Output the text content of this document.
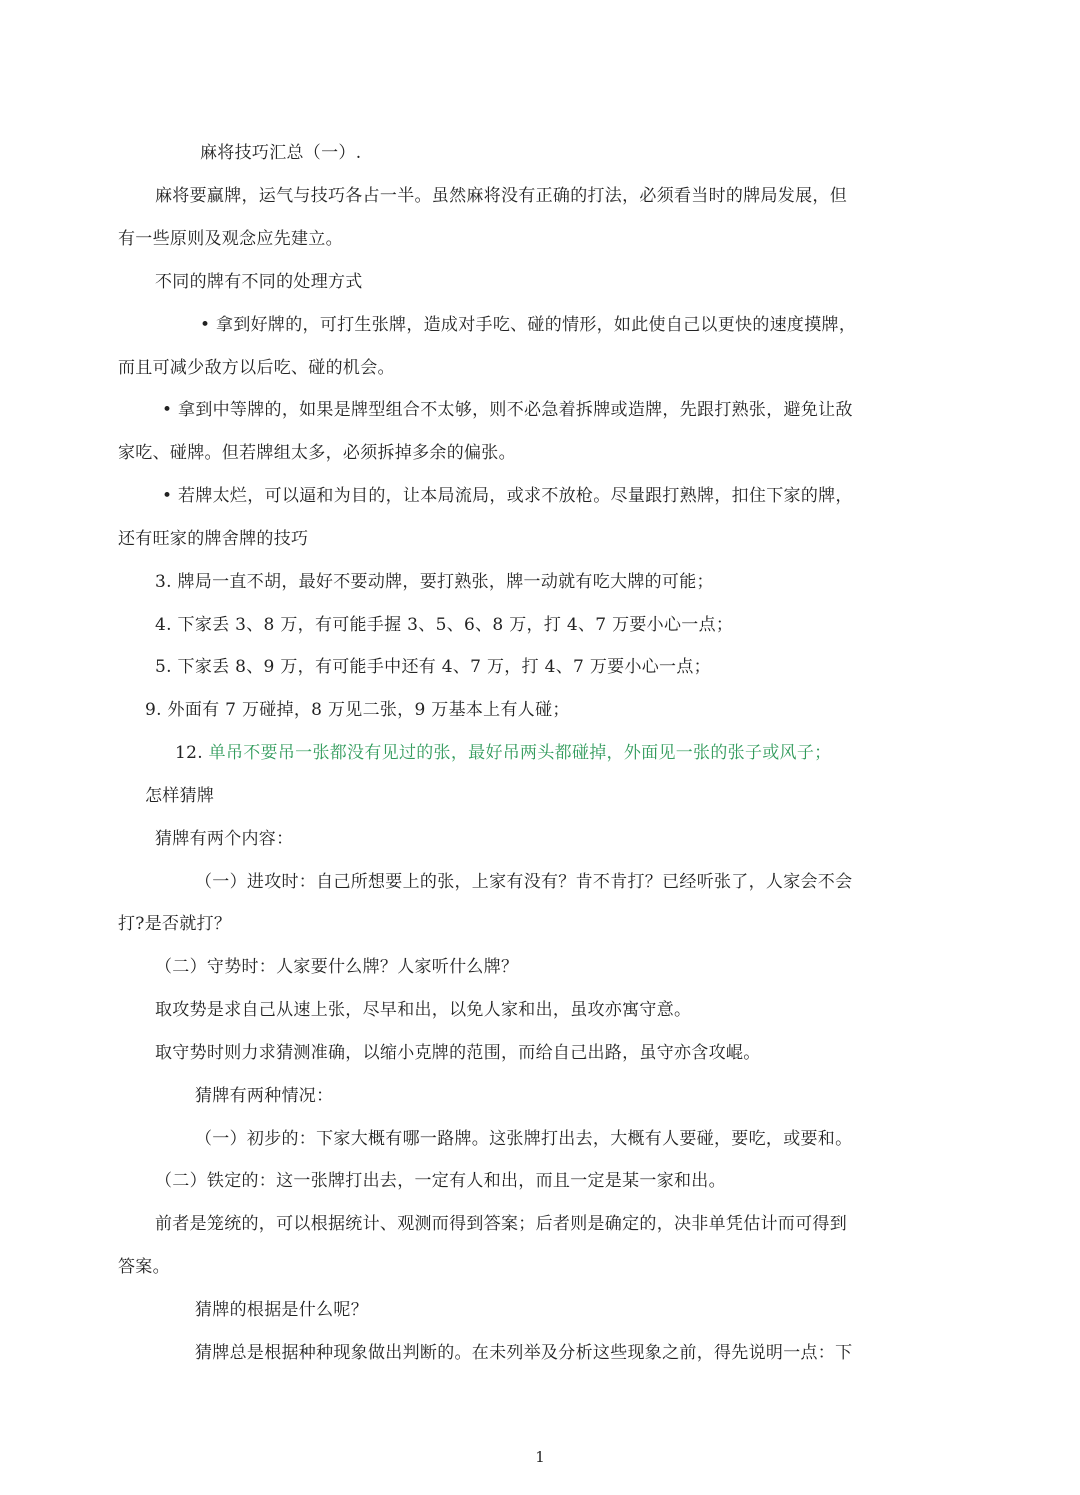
麻将技巧汇总（一）.
麻将要赢牌，运气与技巧各占一半。虽然麻将没有正确的打法，必须看当时的牌局发展，但
有一些原则及观念应先建立。
不同的牌有不同的处理方式
• 拿到好牌的，可打生张牌，造成对手吃、碰的情形，如此使自己以更快的速度摸牌，
而且可减少敌方以后吃、碰的机会。
• 拿到中等牌的，如果是牌型组合不太够，则不必急着拆牌或造牌，先跟打熟张，避免让敌
家吃、碰牌。但若牌组太多，必须拆掉多余的偏张。
• 若牌太烂，可以逼和为目的，让本局流局，或求不放枪。尽量跟打熟牌，扣住下家的牌，
还有旺家的牌舍牌的技巧
3. 牌局一直不胡，最好不要动牌，要打熟张，牌一动就有吃大牌的可能；
4. 下家丢 3、8 万，有可能手握 3、5、6、8 万，打 4、7 万要小心一点；
5. 下家丢 8、9 万，有可能手中还有 4、7 万，打 4、7 万要小心一点；
9. 外面有 7 万碰掉，8 万见二张，9 万基本上有人碰；
12. 单吊不要吊一张都没有见过的张，最好吊两头都碰掉，外面见一张的张子或风子；
怎样猜牌
猜牌有两个内容：
（一）进攻时：自己所想要上的张，上家有没有？肯不肯打？已经听张了，人家会不会
打?是否就打？
（二）守势时：人家要什么牌？人家听什么牌？
取攻势是求自己从速上张，尽早和出，以免人家和出，虽攻亦寓守意。
取守势时则力求猜测准确，以缩小克牌的范围，而给自己出路，虽守亦含攻崐。
猜牌有两种情况：
（一）初步的：下家大概有哪一路牌。这张牌打出去，大概有人要碰，要吃，或要和。
（二）铁定的：这一张牌打出去，一定有人和出，而且一定是某一家和出。
前者是笼统的，可以根据统计、观测而得到答案；后者则是确定的，决非单凭估计而可得到
答案。
猜牌的根据是什么呢？
猜牌总是根据种种现象做出判断的。在未列举及分析这些现象之前，得先说明一点：下
1
